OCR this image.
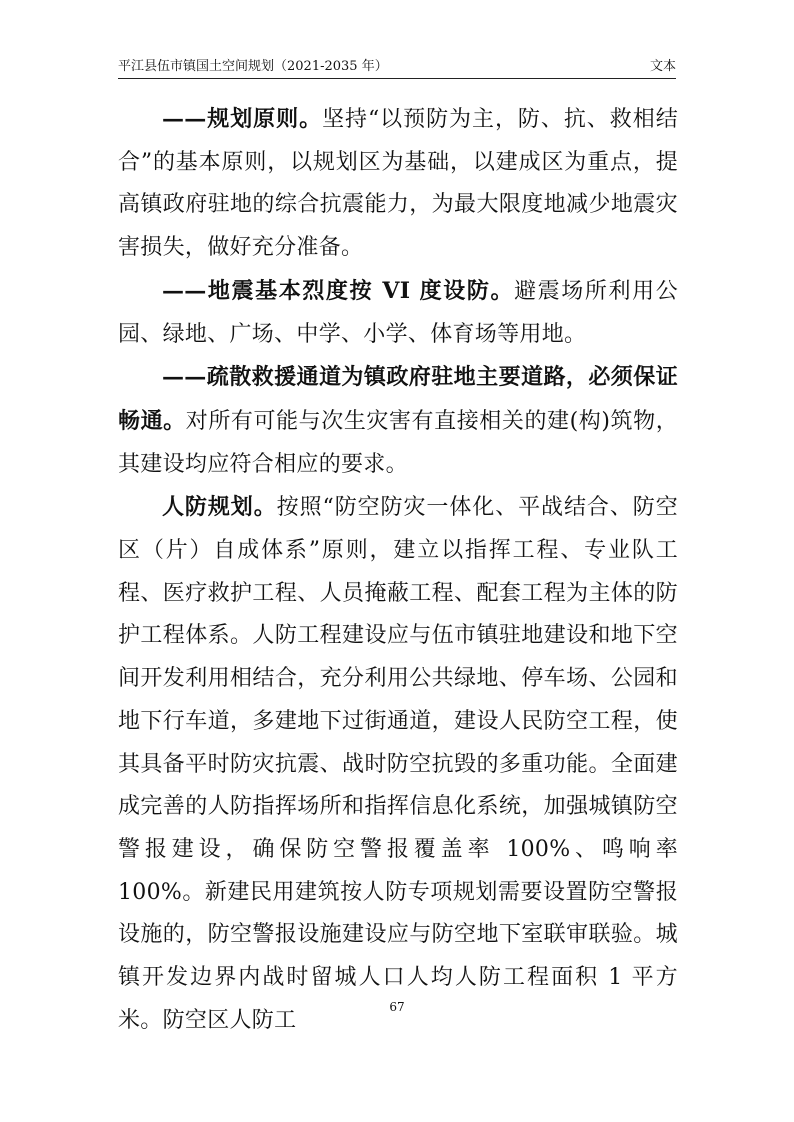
平江县伍市镇国土空间规划（2021-2035 年）	文本

——规划原则。坚持“以预防为主，防、抗、救相结合”的基本原则，以规划区为基础，以建成区为重点，提高镇政府驻地的综合抗震能力，为最大限度地减少地震灾害损失，做好充分准备。

——地震基本烈度按 VI 度设防。避震场所利用公园、绿地、广场、中学、小学、体育场等用地。

——疏散救援通道为镇政府驻地主要道路，必须保证畅通。对所有可能与次生灾害有直接相关的建(构)筑物，其建设均应符合相应的要求。

人防规划。按照“防空防灾一体化、平战结合、防空区（片）自成体系”原则，建立以指挥工程、专业队工程、医疗救护工程、人员掩蔽工程、配套工程为主体的防护工程体系。人防工程建设应与伍市镇驻地建设和地下空间开发利用相结合，充分利用公共绿地、停车场、公园和地下行车道，多建地下过街通道，建设人民防空工程，使其具备平时防灾抗震、战时防空抗毁的多重功能。全面建成完善的人防指挥场所和指挥信息化系统，加强城镇防空警报建设，确保防空警报覆盖率 100%、鸣响率 100%。新建民用建筑按人防专项规划需要设置防空警报设施的，防空警报设施建设应与防空地下室联审联验。城镇开发边界内战时留城人口人均人防工程面积 1 平方米。防空区人防工

67
